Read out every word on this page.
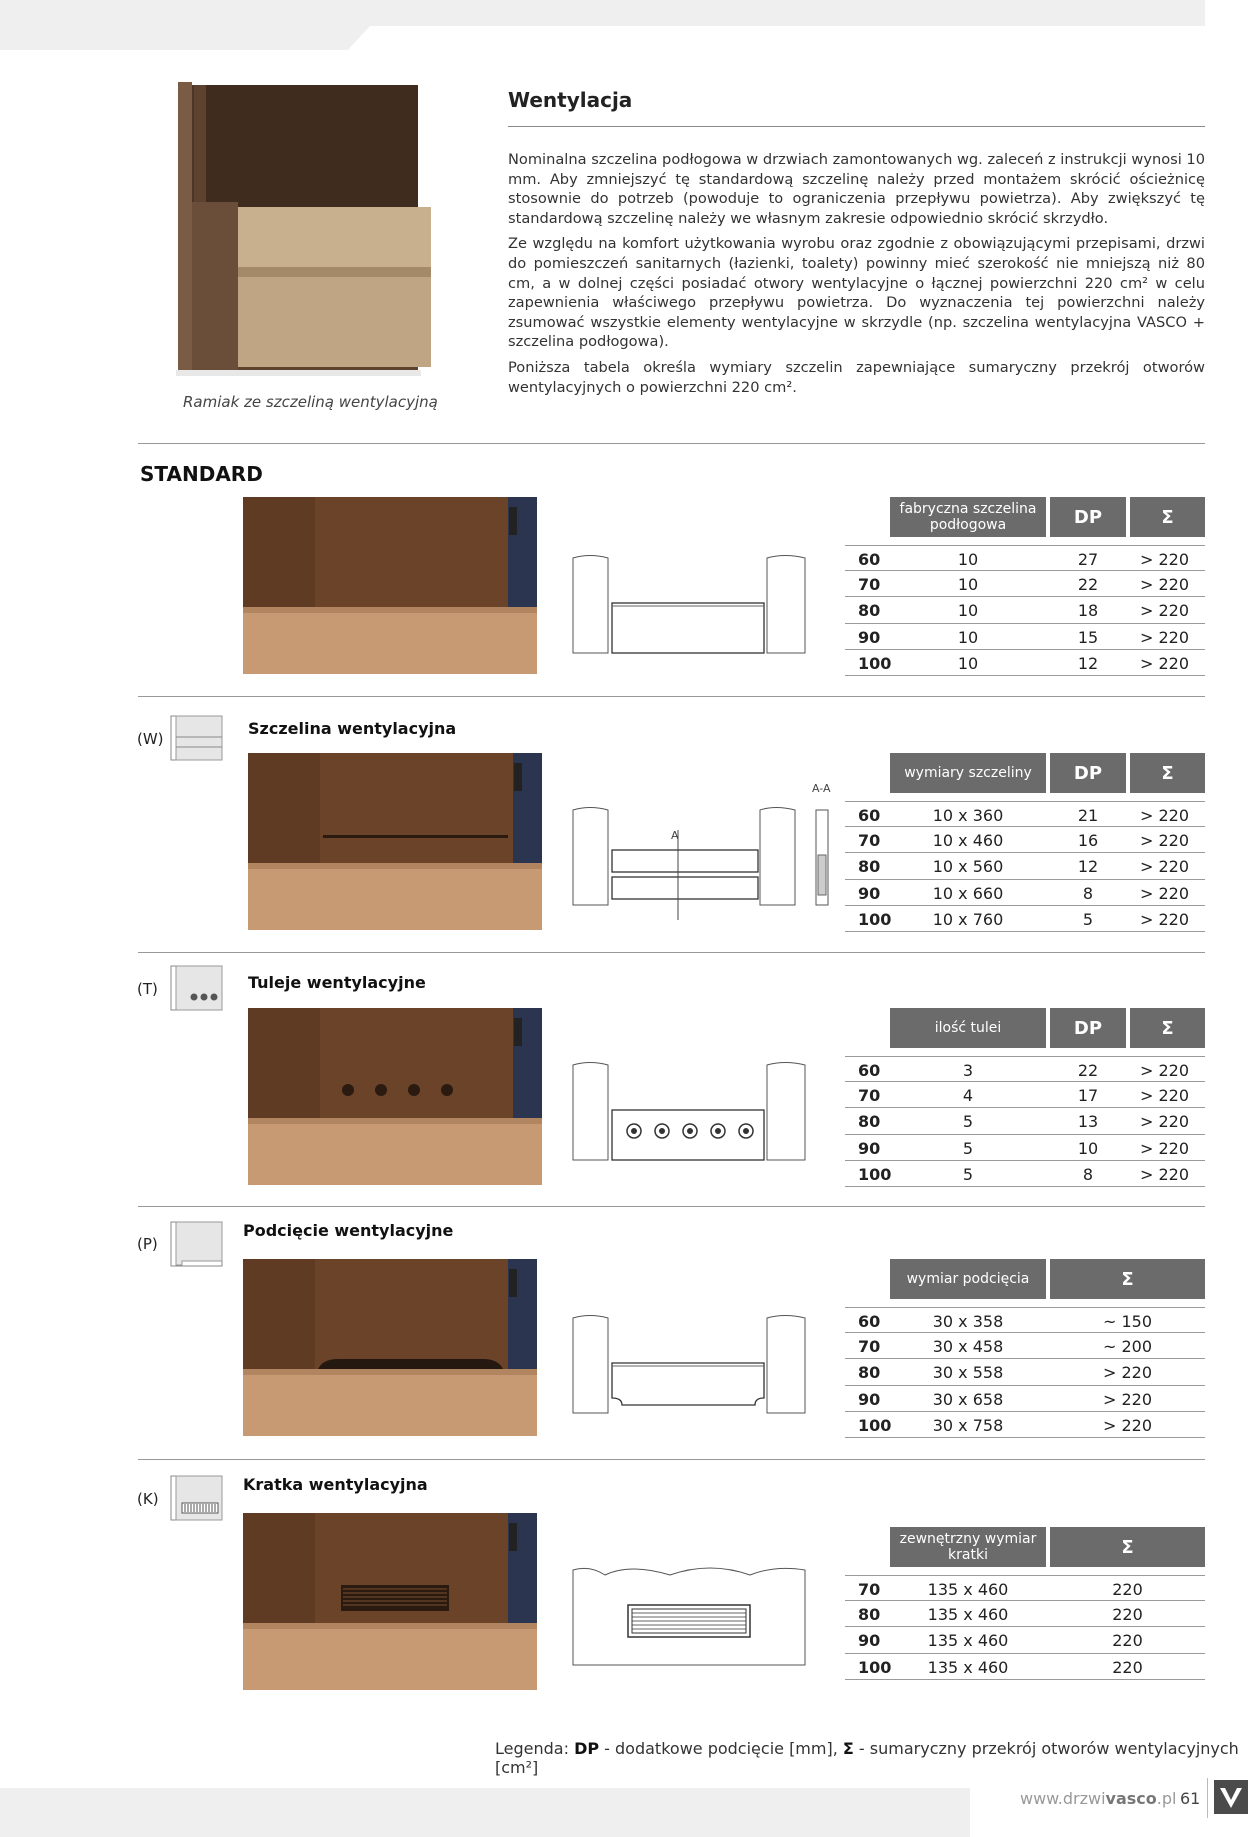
Ramiak ze szczeliną wentylacyjną
Wentylacja

Nominalna szczelina podłogowa w drzwiach zamontowanych wg. zaleceń z instrukcji wynosi 10 mm. Aby zmniejszyć tę standardową szczelinę należy przed montażem skrócić ościeżnicę stosownie do potrzeb (powoduje to ograniczenia przepływu powietrza). Aby zwiększyć tę standardową szczelinę należy we własnym zakresie odpowiednio skrócić skrzydło.

Ze względu na komfort użytkowania wyrobu oraz zgodnie z obowiązującymi przepisami, drzwi do pomieszczeń sanitarnych (łazienki, toalety) powinny mieć szerokość nie mniejszą niż 80 cm, a w dolnej części posiadać otwory wentylacyjne o łącznej powierzchni 220 cm² w celu zapewnienia właściwego przepływu powietrza. Do wyznaczenia tej powierzchni należy zsumować wszystkie elementy wentylacyjne w skrzydle (np. szczelina wentylacyjna VASCO + szczelina podłogowa).

Poniższa tabela określa wymiary szczelin zapewniające sumaryczny przekrój otworów wentylacyjnych o powierzchni 220 cm².

STANDARD
fabryczna szczelina podłogowa	DP	Σ
60	10	27	> 220
70	10	22	> 220
80	10	18	> 220
90	10	15	> 220
100	10	12	> 220
(W)
Szczelina wentylacyjna
A
A-A
wymiary szczeliny	DP	Σ
60	10 x 360	21	> 220
70	10 x 460	16	> 220
80	10 x 560	12	> 220
90	10 x 660	8	> 220
100	10 x 760	5	> 220
(T)	Tuleje wentylacyjne
ilość tulei	DP	Σ
60	3	22	> 220
70	4	17	> 220
80	5	13	> 220
90	5	10	> 220
100	5	8	> 220
(P)
Podcięcie wentylacyjne
wymiar podcięcia	Σ
60	30 x 358	~ 150
70	30 x 458	~ 200
80	30 x 558	> 220
90	30 x 658	> 220
100	30 x 758	> 220
(K)
Kratka wentylacyjna
zewnętrzny wymiar kratki	Σ
70	135 x 460	220
80	135 x 460	220
90	135 x 460	220
100	135 x 460	220
Legenda: DP - dodatkowe podcięcie [mm], Σ - sumaryczny przekrój otworów wentylacyjnych [cm²]
www.drzwivasco.pl 61
